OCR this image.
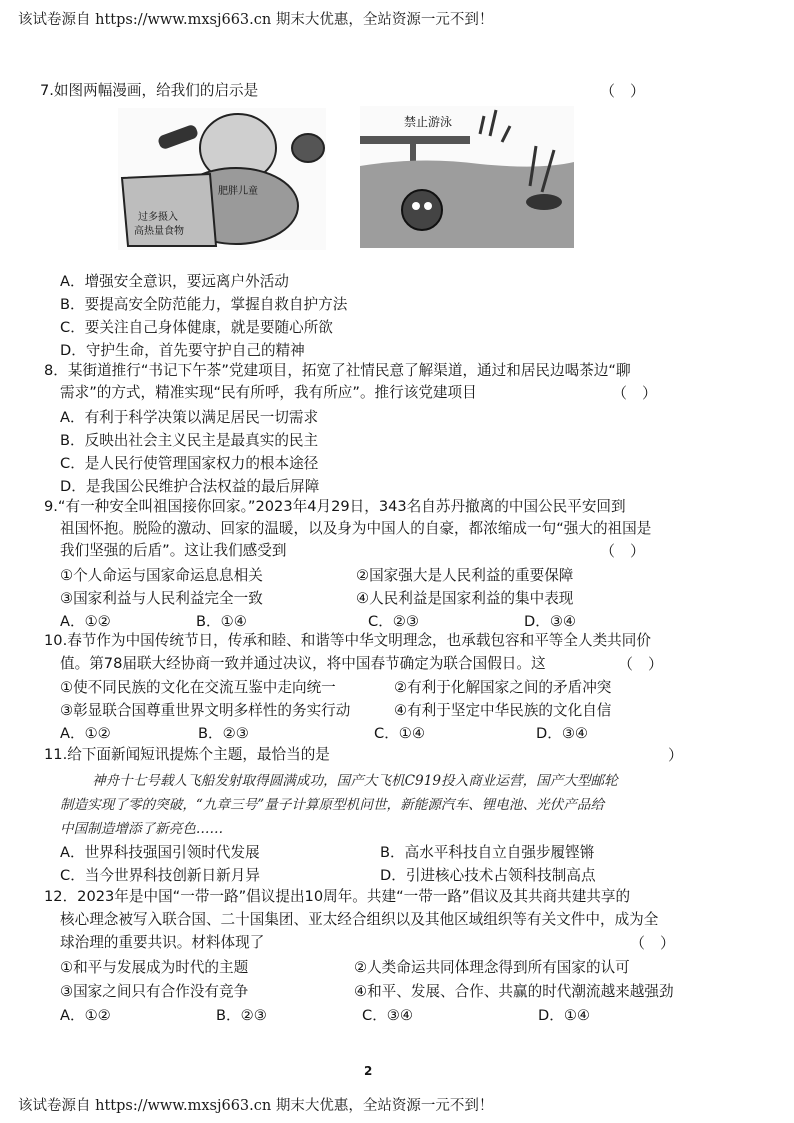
该试卷源自 https://www.mxsj663.cn 期末大优惠，全站资源一元不到！
7.如图两幅漫画，给我们的启示是	（　）
过多摄入
高热量食物
肥胖儿童
禁止游泳
A．增强安全意识，要远离户外活动
B．要提高安全防范能力，掌握自救自护方法
C．要关注自己身体健康，就是要随心所欲
D．守护生命，首先要守护自己的精神
8．某街道推行“书记下午茶”党建项目，拓宽了社情民意了解渠道，通过和居民边喝茶边“聊
需求”的方式，精准实现“民有所呼，我有所应”。推行该党建项目	（　）
A．有利于科学决策以满足居民一切需求
B．反映出社会主义民主是最真实的民主
C．是人民行使管理国家权力的根本途径
D．是我国公民维护合法权益的最后屏障
9.“有一种安全叫祖国接你回家。”2023年4月29日，343名自苏丹撤离的中国公民平安回到
祖国怀抱。脱险的激动、回家的温暖，以及身为中国人的自豪，都浓缩成一句“强大的祖国是
我们坚强的后盾”。这让我们感受到	（　）
①个人命运与国家命运息息相关	②国家强大是人民利益的重要保障
③国家利益与人民利益完全一致	④人民利益是国家利益的集中表现
A．①②	B．①④	C．②③	D．③④
10.春节作为中国传统节日，传承和睦、和谐等中华文明理念，也承载包容和平等全人类共同价
值。第78届联大经协商一致并通过决议，将中国春节确定为联合国假日。这	（　）
①使不同民族的文化在交流互鉴中走向统一	②有利于化解国家之间的矛盾冲突
③彰显联合国尊重世界文明多样性的务实行动	④有利于坚定中华民族的文化自信
A．①②	B．②③	C．①④	D．③④
11.给下面新闻短讯提炼个主题，最恰当的是	）
神舟十七号载人飞船发射取得圆满成功，国产大飞机C919投入商业运营，国产大型邮轮
制造实现了零的突破，“九章三号”量子计算原型机问世，新能源汽车、锂电池、光伏产品给
中国制造增添了新亮色……
A．世界科技强国引领时代发展	B．高水平科技自立自强步履铿锵
C．当今世界科技创新日新月异	D．引进核心技术占领科技制高点
12．2023年是中国“一带一路”倡议提出10周年。共建“一带一路”倡议及其共商共建共享的
核心理念被写入联合国、二十国集团、亚太经合组织以及其他区域组织等有关文件中，成为全
球治理的重要共识。材料体现了	（　）
①和平与发展成为时代的主题	②人类命运共同体理念得到所有国家的认可
③国家之间只有合作没有竞争	④和平、发展、合作、共赢的时代潮流越来越强劲
A．①②	B．②③	C．③④	D．①④
2
该试卷源自 https://www.mxsj663.cn 期末大优惠，全站资源一元不到！
